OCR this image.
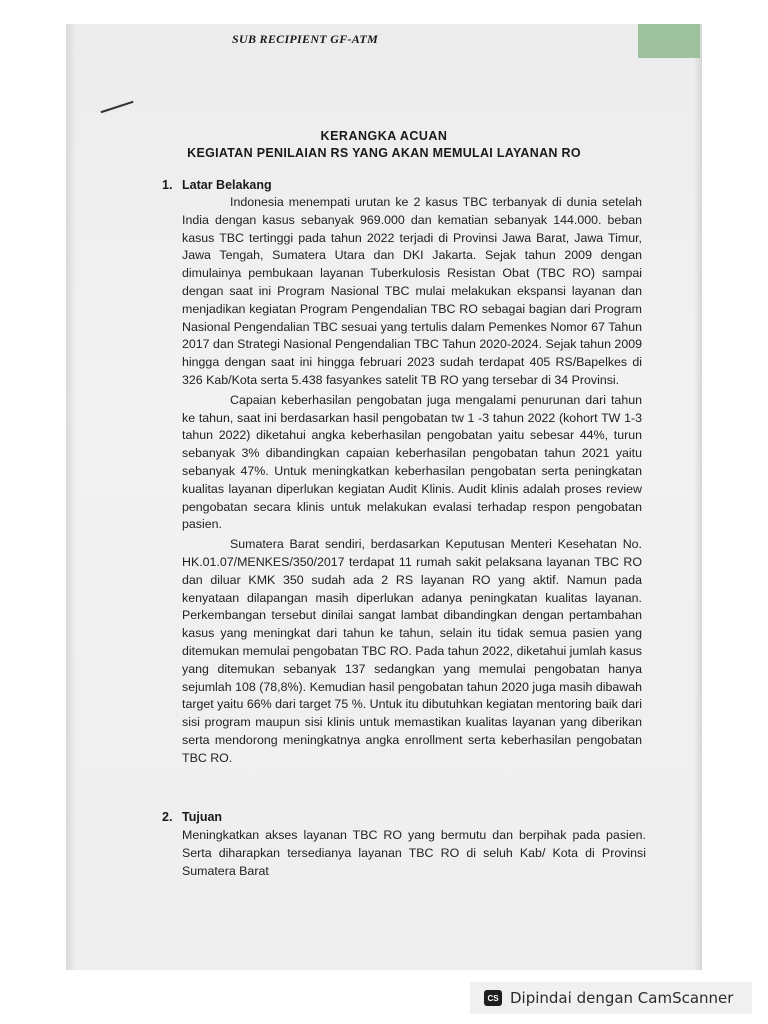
SUB RECIPIENT GF-ATM
KERANGKA ACUAN
KEGIATAN PENILAIAN RS YANG AKAN MEMULAI LAYANAN RO
1. Latar Belakang

Indonesia menempati urutan ke 2 kasus TBC terbanyak di dunia setelah India dengan kasus sebanyak 969.000 dan kematian sebanyak 144.000. beban kasus TBC tertinggi pada tahun 2022 terjadi di Provinsi Jawa Barat, Jawa Timur, Jawa Tengah, Sumatera Utara dan DKI Jakarta. Sejak tahun 2009 dengan dimulainya pembukaan layanan Tuberkulosis Resistan Obat (TBC RO) sampai dengan saat ini Program Nasional TBC mulai melakukan ekspansi layanan dan menjadikan kegiatan Program Pengendalian TBC RO sebagai bagian dari Program Nasional Pengendalian TBC sesuai yang tertulis dalam Pemenkes Nomor 67 Tahun 2017 dan Strategi Nasional Pengendalian TBC Tahun 2020-2024. Sejak tahun 2009 hingga dengan saat ini hingga februari 2023 sudah terdapat 405 RS/Bapelkes di 326 Kab/Kota serta 5.438 fasyankes satelit TB RO yang tersebar di 34 Provinsi.

Capaian keberhasilan pengobatan juga mengalami penurunan dari tahun ke tahun, saat ini berdasarkan hasil pengobatan tw 1 -3 tahun 2022 (kohort TW 1-3 tahun 2022) diketahui angka keberhasilan pengobatan yaitu sebesar 44%, turun sebanyak 3% dibandingkan capaian keberhasilan pengobatan tahun 2021 yaitu sebanyak 47%. Untuk meningkatkan keberhasilan pengobatan serta peningkatan kualitas layanan diperlukan kegiatan Audit Klinis. Audit klinis adalah proses review pengobatan secara klinis untuk melakukan evalasi terhadap respon pengobatan pasien.

Sumatera Barat sendiri, berdasarkan Keputusan Menteri Kesehatan No. HK.01.07/MENKES/350/2017 terdapat 11 rumah sakit pelaksana layanan TBC RO dan diluar KMK 350 sudah ada 2 RS layanan RO yang aktif. Namun pada kenyataan dilapangan masih diperlukan adanya peningkatan kualitas layanan. Perkembangan tersebut dinilai sangat lambat dibandingkan dengan pertambahan kasus yang meningkat dari tahun ke tahun, selain itu tidak semua pasien yang ditemukan memulai pengobatan TBC RO. Pada tahun 2022, diketahui jumlah kasus yang ditemukan sebanyak 137 sedangkan yang memulai pengobatan hanya sejumlah 108 (78,8%). Kemudian hasil pengobatan tahun 2020 juga masih dibawah target yaitu 66% dari target 75 %. Untuk itu dibutuhkan kegiatan mentoring baik dari sisi program maupun sisi klinis untuk memastikan kualitas layanan yang diberikan serta mendorong meningkatnya angka enrollment serta keberhasilan pengobatan TBC RO.

2. Tujuan
Meningkatkan akses layanan TBC RO yang bermutu dan berpihak pada pasien. Serta diharapkan tersedianya layanan TBC RO di seluh Kab/ Kota di Provinsi Sumatera Barat
CS Dipindai dengan CamScanner
